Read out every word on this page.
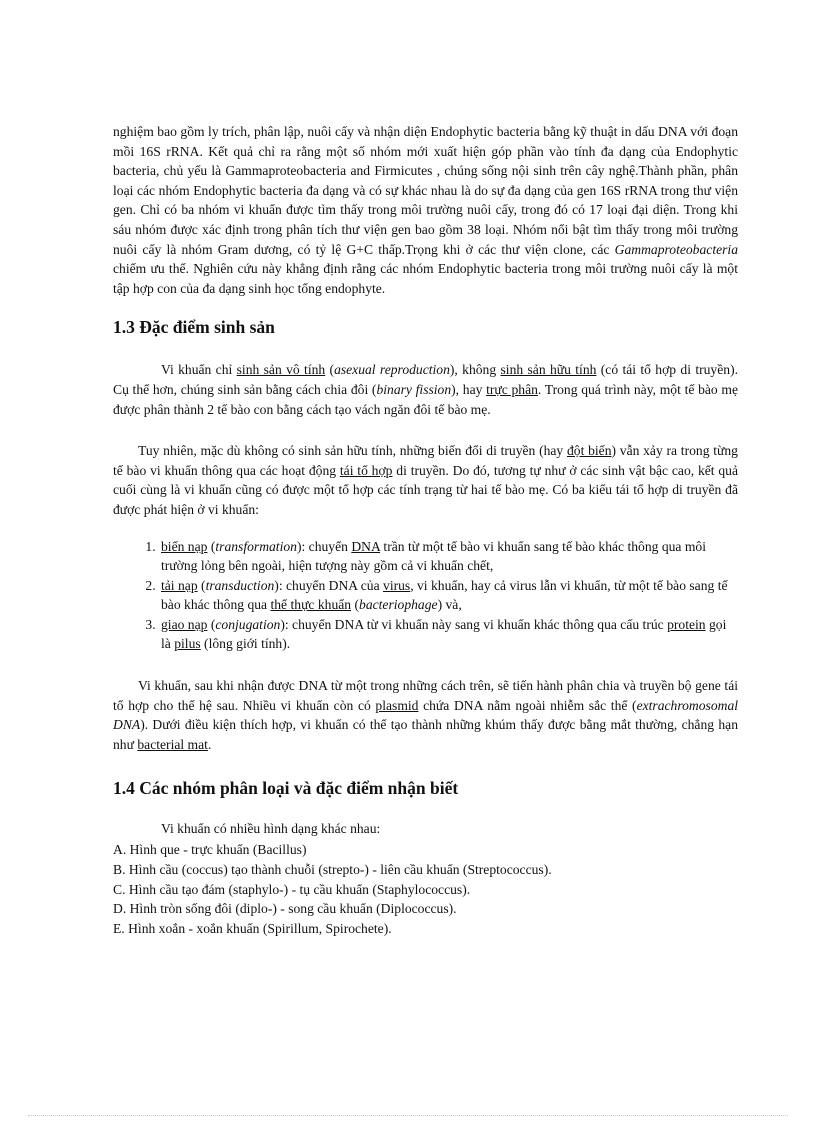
nghiệm bao gồm ly trích, phân lập, nuôi cấy và nhận diện Endophytic bacteria bằng kỹ thuật in dấu DNA với đoạn mồi 16S rRNA. Kết quả chỉ ra rằng một số nhóm mới xuất hiện góp phần vào tính đa dạng của Endophytic bacteria, chủ yếu là Gammaproteobacteria and Firmicutes , chúng sống nội sinh trên cây nghệ.Thành phần, phân loại các nhóm Endophytic bacteria đa dạng và có sự khác nhau là do sự đa dạng của gen 16S rRNA trong thư viện gen. Chỉ có ba nhóm vi khuẩn được tìm thấy trong môi trường nuôi cấy, trong đó có 17 loại đại diện. Trong khi sáu nhóm được xác định trong phân tích thư viện gen bao gồm 38 loại. Nhóm nổi bật tìm thấy trong môi trường nuôi cấy là nhóm Gram dương, có tỷ lệ G+C thấp.Trọng khi ở các thư viện clone, các Gammaproteobacteria chiếm ưu thế. Nghiên cứu này khẳng định rằng các nhóm Endophytic bacteria trong môi trường nuôi cấy là một tập hợp con của đa dạng sinh học tổng endophyte.

1.3 Đặc điểm sinh sản

Vi khuẩn chỉ sinh sản vô tính (asexual reproduction), không sinh sản hữu tính (có tái tổ hợp di truyền). Cụ thể hơn, chúng sinh sản bằng cách chia đôi (binary fission), hay trực phân. Trong quá trình này, một tế bào mẹ được phân thành 2 tế bào con bằng cách tạo vách ngăn đôi tế bào mẹ.

Tuy nhiên, mặc dù không có sinh sản hữu tính, những biến đổi di truyền (hay đột biến) vẫn xảy ra trong từng tế bào vi khuẩn thông qua các hoạt động tái tổ hợp di truyền. Do đó, tương tự như ở các sinh vật bậc cao, kết quả cuối cùng là vi khuẩn cũng có được một tổ hợp các tính trạng từ hai tế bào mẹ. Có ba kiểu tái tổ hợp di truyền đã được phát hiện ở vi khuẩn:

1. biến nạp (transformation): chuyển DNA trần từ một tế bào vi khuẩn sang tế bào khác thông qua môi trường lỏng bên ngoài, hiện tượng này gồm cả vi khuẩn chết,
2. tải nạp (transduction): chuyển DNA của virus, vi khuẩn, hay cả virus lẫn vi khuẩn, từ một tế bào sang tế bào khác thông qua thể thực khuẩn (bacteriophage) và,
3. giao nạp (conjugation): chuyển DNA từ vi khuẩn này sang vi khuẩn khác thông qua cấu trúc protein gọi là pilus (lông giới tính).

Vi khuẩn, sau khi nhận được DNA từ một trong những cách trên, sẽ tiến hành phân chia và truyền bộ gene tái tổ hợp cho thế hệ sau. Nhiều vi khuẩn còn có plasmid chứa DNA nằm ngoài nhiễm sắc thể (extrachromosomal DNA). Dưới điều kiện thích hợp, vi khuẩn có thể tạo thành những khúm thấy được bằng mắt thường, chẳng hạn như bacterial mat.

1.4 Các nhóm phân loại và đặc điểm nhận biết

Vi khuẩn có nhiều hình dạng khác nhau:

A. Hình que - trực khuẩn (Bacillus)
B. Hình cầu (coccus) tạo thành chuỗi (strepto-) - liên cầu khuẩn (Streptococcus).
C. Hình cầu tạo đám (staphylo-) - tụ cầu khuẩn (Staphylococcus).
D. Hình tròn sống đôi (diplo-) - song cầu khuẩn (Diplococcus).
E. Hình xoắn - xoắn khuẩn (Spirillum, Spirochete).
